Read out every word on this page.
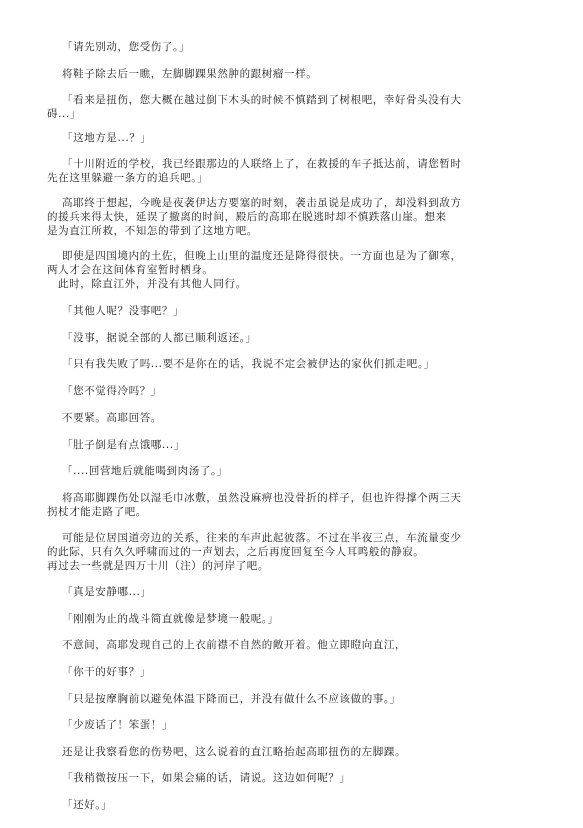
「请先别动，您受伤了。」
将鞋子除去后一瞧，左脚脚踝果然肿的跟树瘤一样。
「看来是扭伤，您大概在越过倒下木头的时候不慎踏到了树根吧，幸好骨头没有大
碍...」
「这地方是...？」
「十川附近的学校，我已经跟那边的人联络上了，在救援的车子抵达前，请您暂时
先在这里躲避一条方的追兵吧。」
高耶终于想起，今晚是夜袭伊达方要塞的时刻，袭击虽说是成功了，却没料到敌方
的援兵来得太快，延误了撤离的时间，殿后的高耶在脱逃时却不慎跌落山崖。想来
是为直江所救，不知怎的带到了这地方吧。
即使是四国境内的土佐，但晚上山里的温度还是降得很快。一方面也是为了御寒，
两人才会在这间体育室暂时栖身。
此时，除直江外，并没有其他人同行。
「其他人呢？没事吧？」
「没事，据说全部的人都已顺利返还。」
「只有我失败了吗...要不是你在的话，我说不定会被伊达的家伙们抓走吧。」
「您不觉得冷吗？」
不要紧。高耶回答。
「肚子倒是有点饿哪...」
「....回营地后就能喝到肉汤了。」
将高耶脚踝伤处以湿毛巾冰敷，虽然没麻痹也没骨折的样子，但也许得撑个两三天
拐杖才能走路了吧。
可能是位居国道旁边的关系，往来的车声此起彼落。不过在半夜三点，车流量变少
的此际，只有久久呼啸而过的一声划去，之后再度回复至今人耳鸣般的静寂。
再过去一些就是四万十川（注）的河岸了吧。
「真是安静哪...」
「刚刚为止的战斗简直就像是梦境一般呢。」
不意间，高耶发现自己的上衣前襟不自然的敞开着。他立即瞪向直江，
「你干的好事？」
「只是按摩胸前以避免体温下降而已，并没有做什么不应该做的事。」
「少废话了！笨蛋！」
还是让我察看您的伤势吧，这么说着的直江略抬起高耶扭伤的左脚踝。
「我稍微按压一下，如果会痛的话，请说。这边如何呢？」
「还好。」
